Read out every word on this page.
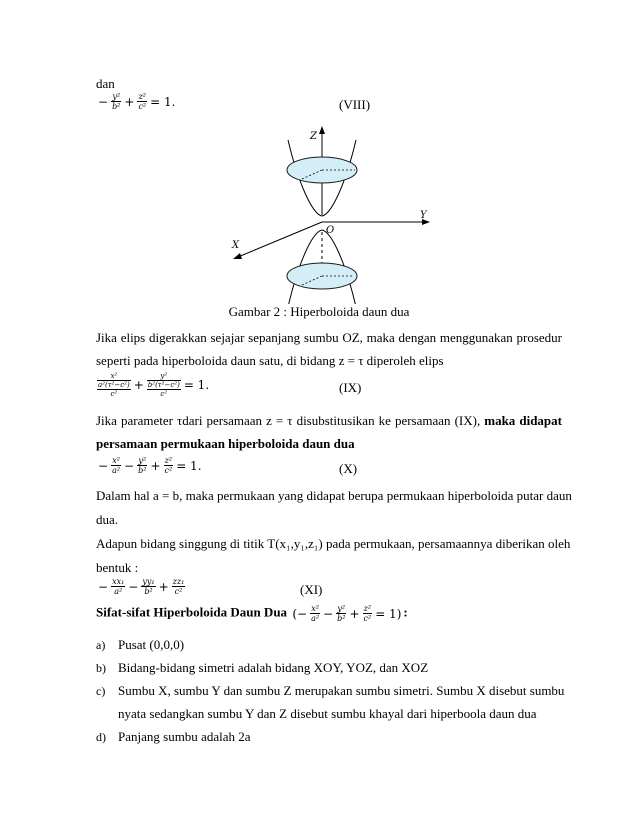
dan
− $\frac{\text{y²}}{\text{b²}} + \frac{\text{z²}}{\text{c²}} = 1$.	(VIII)
Z
Y
X
O
Gambar 2 : Hiperboloida daun dua
Jika elips digerakkan sejajar sepanjang sumbu OZ, maka dengan menggunakan prosedur
seperti pada hiperboloida daun satu, di bidang z = τ diperoleh elips
x²
a²(τ²−c²)
c²
+
y²
b²(τ²−c²)
c²
= 1.	(IX)
Jika parameter τdari persamaan z = τ disubstitusikan ke persamaan (IX), maka didapat
persamaan permukaan hiperboloida daun dua
− $\frac{\text{x²}}{\text{a²}} - \frac{\text{y²}}{\text{b²}} + \frac{\text{z²}}{\text{c²}} = 1$.	(X)
Dalam hal a = b, maka permukaan yang didapat berupa permukaan hiperboloida putar daun
dua.
Adapun bidang singgung di titik T(x₁,y₁,z₁) pada permukaan, persamaannya diberikan oleh
bentuk :
− $\frac{\text{xx₁}}{\text{a²}} - \frac{\text{yy₁}}{\text{b²}} + \frac{\text{zz₁}}{\text{c²}}$	(XI)
Sifat-sifat Hiperboloida Daun Dua (− $\frac{\text{x²}}{\text{a²}} - \frac{\text{y²}}{\text{b²}} + \frac{\text{z²}}{\text{c²}} = 1$) :
a) Pusat (0,0,0)
b) Bidang-bidang simetri adalah bidang XOY, YOZ, dan XOZ
c) Sumbu X, sumbu Y dan sumbu Z merupakan sumbu simetri. Sumbu X disebut sumbu
nyata sedangkan sumbu Y dan Z disebut sumbu khayal dari hiperboola daun dua
d) Panjang sumbu adalah 2a
